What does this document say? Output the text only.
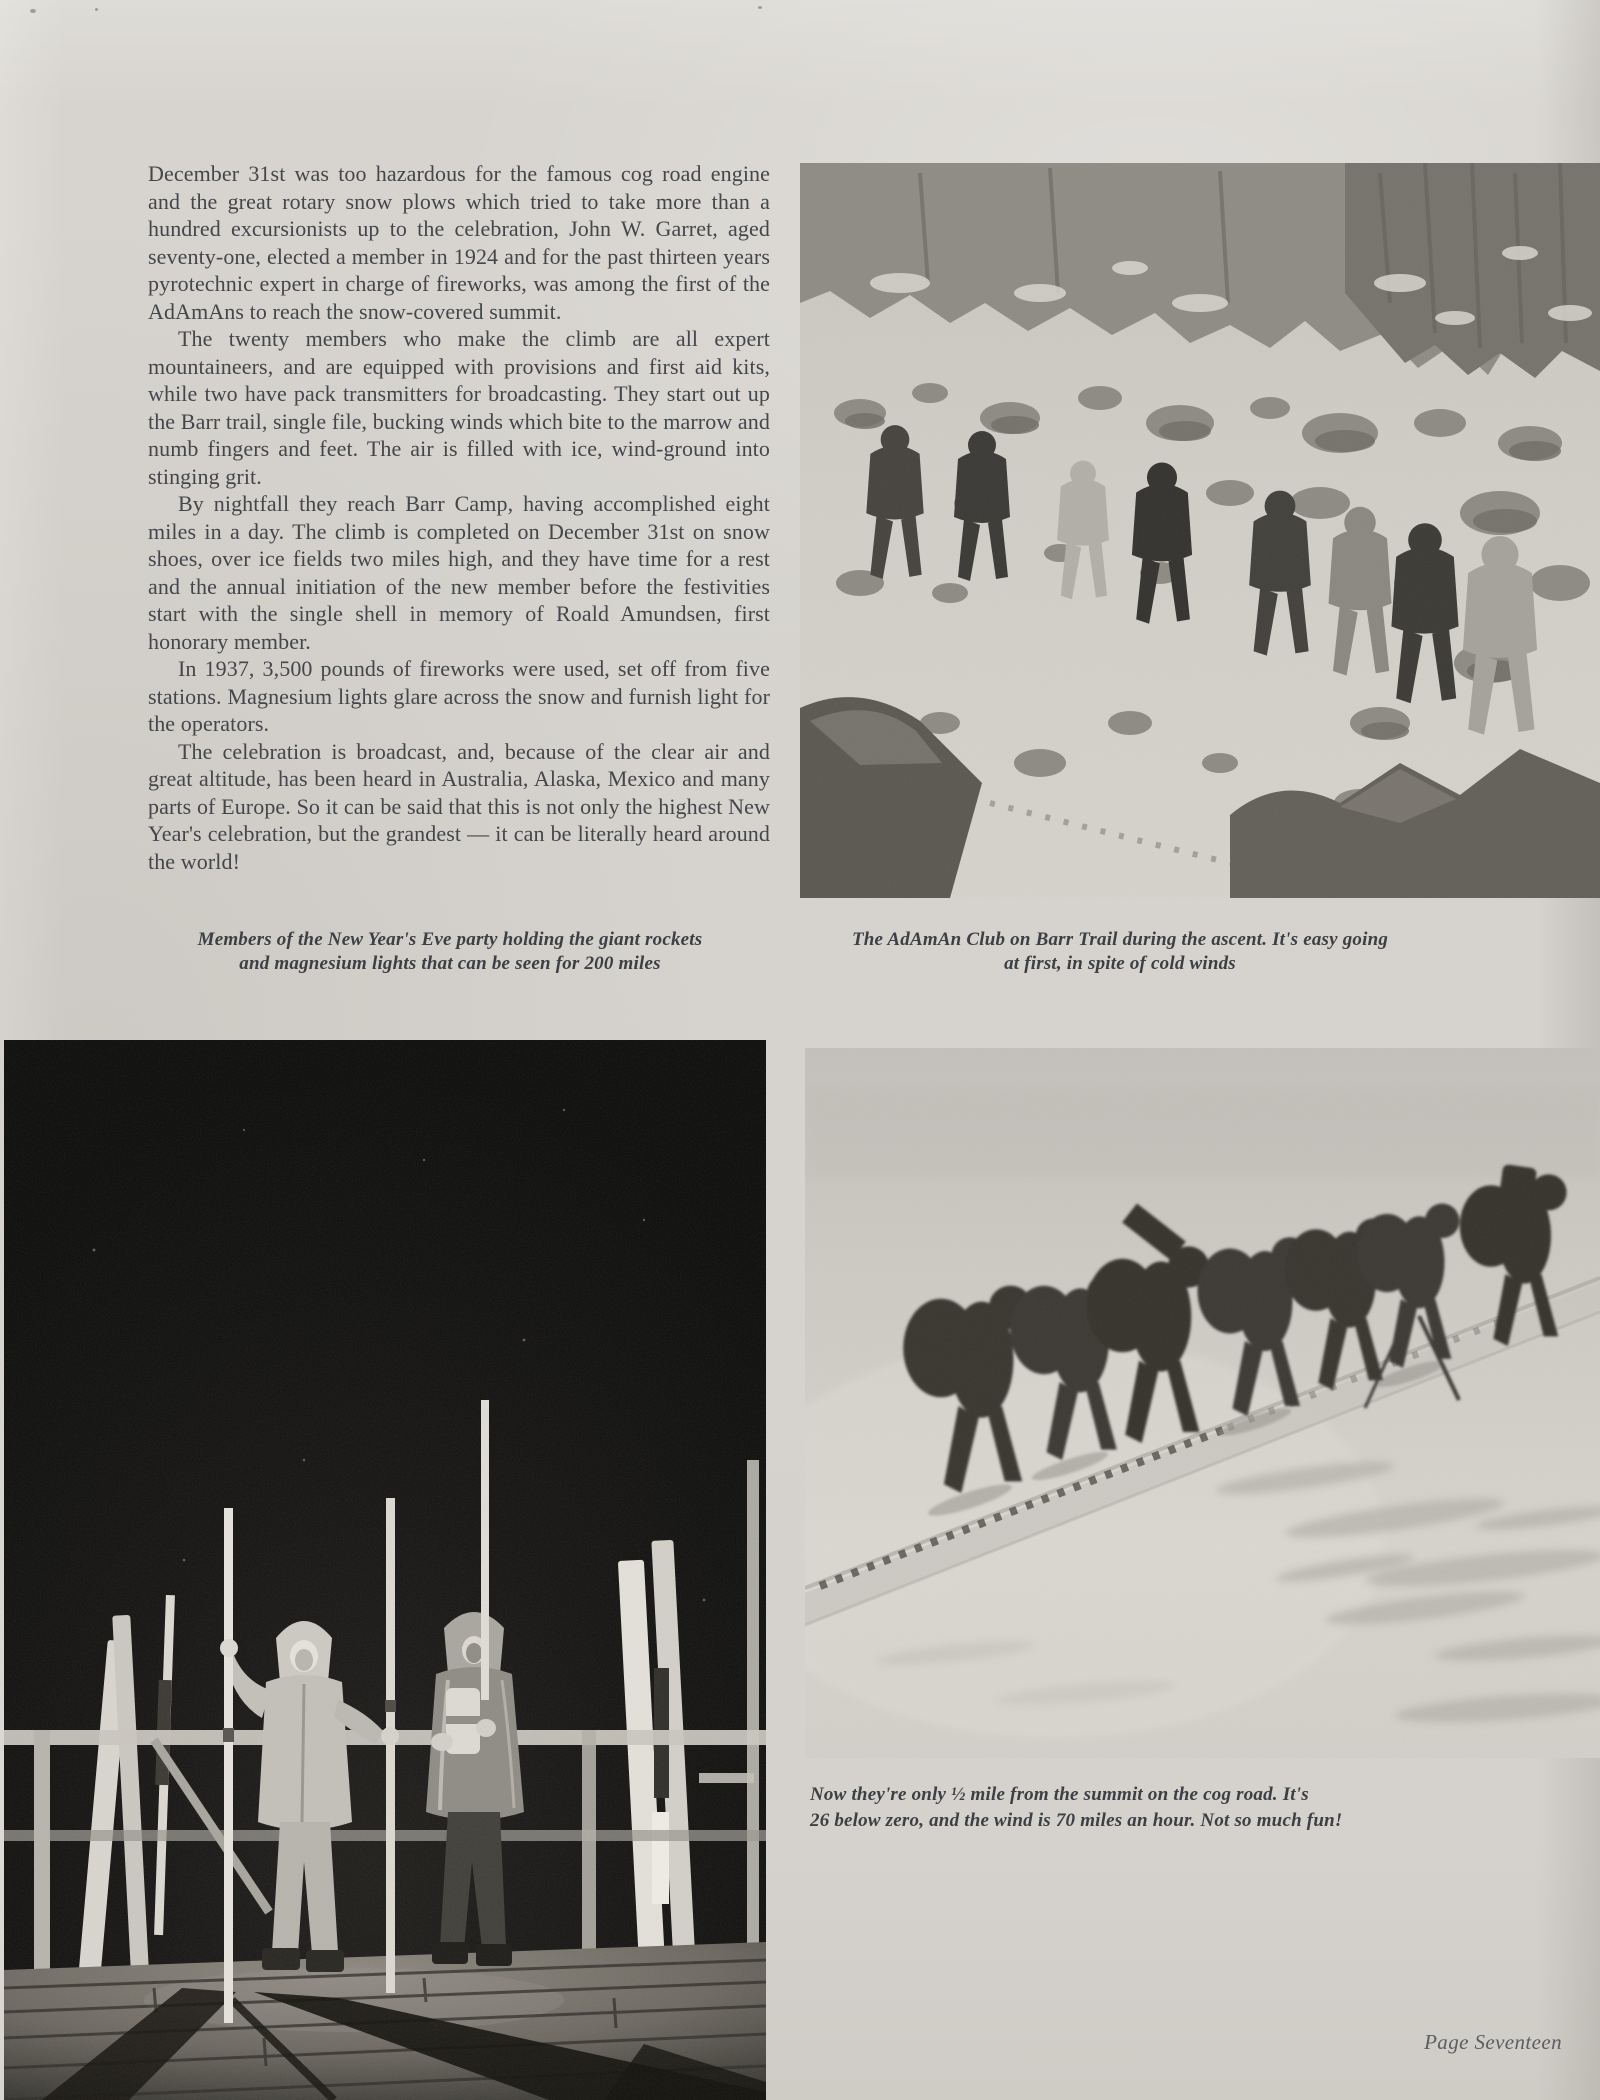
December 31st was too hazardous for the famous cog road engine and the great rotary snow plows which tried to take more than a hundred excursionists up to the celebration, John W. Garret, aged seventy-one, elected a member in 1924 and for the past thirteen years pyrotechnic expert in charge of fireworks, was among the first of the AdAmAns to reach the snow-covered summit.

The twenty members who make the climb are all expert mountaineers, and are equipped with provisions and first aid kits, while two have pack transmitters for broadcasting. They start out up the Barr trail, single file, bucking winds which bite to the marrow and numb fingers and feet. The air is filled with ice, wind-ground into stinging grit.

By nightfall they reach Barr Camp, having accomplished eight miles in a day. The climb is completed on December 31st on snow shoes, over ice fields two miles high, and they have time for a rest and the annual initiation of the new member before the festivities start with the single shell in memory of Roald Amundsen, first honorary member.

In 1937, 3,500 pounds of fireworks were used, set off from five stations. Magnesium lights glare across the snow and furnish light for the operators.

The celebration is broadcast, and, because of the clear air and great altitude, has been heard in Australia, Alaska, Mexico and many parts of Europe. So it can be said that this is not only the highest New Year's celebration, but the grandest — it can be literally heard around the world!

Members of the New Year's Eve party holding the giant rockets
and magnesium lights that can be seen for 200 miles
The AdAmAn Club on Barr Trail during the ascent. It's easy going
at first, in spite of cold winds
Now they're only ½ mile from the summit on the cog road. It's
26 below zero, and the wind is 70 miles an hour. Not so much fun!
Page Seventeen
